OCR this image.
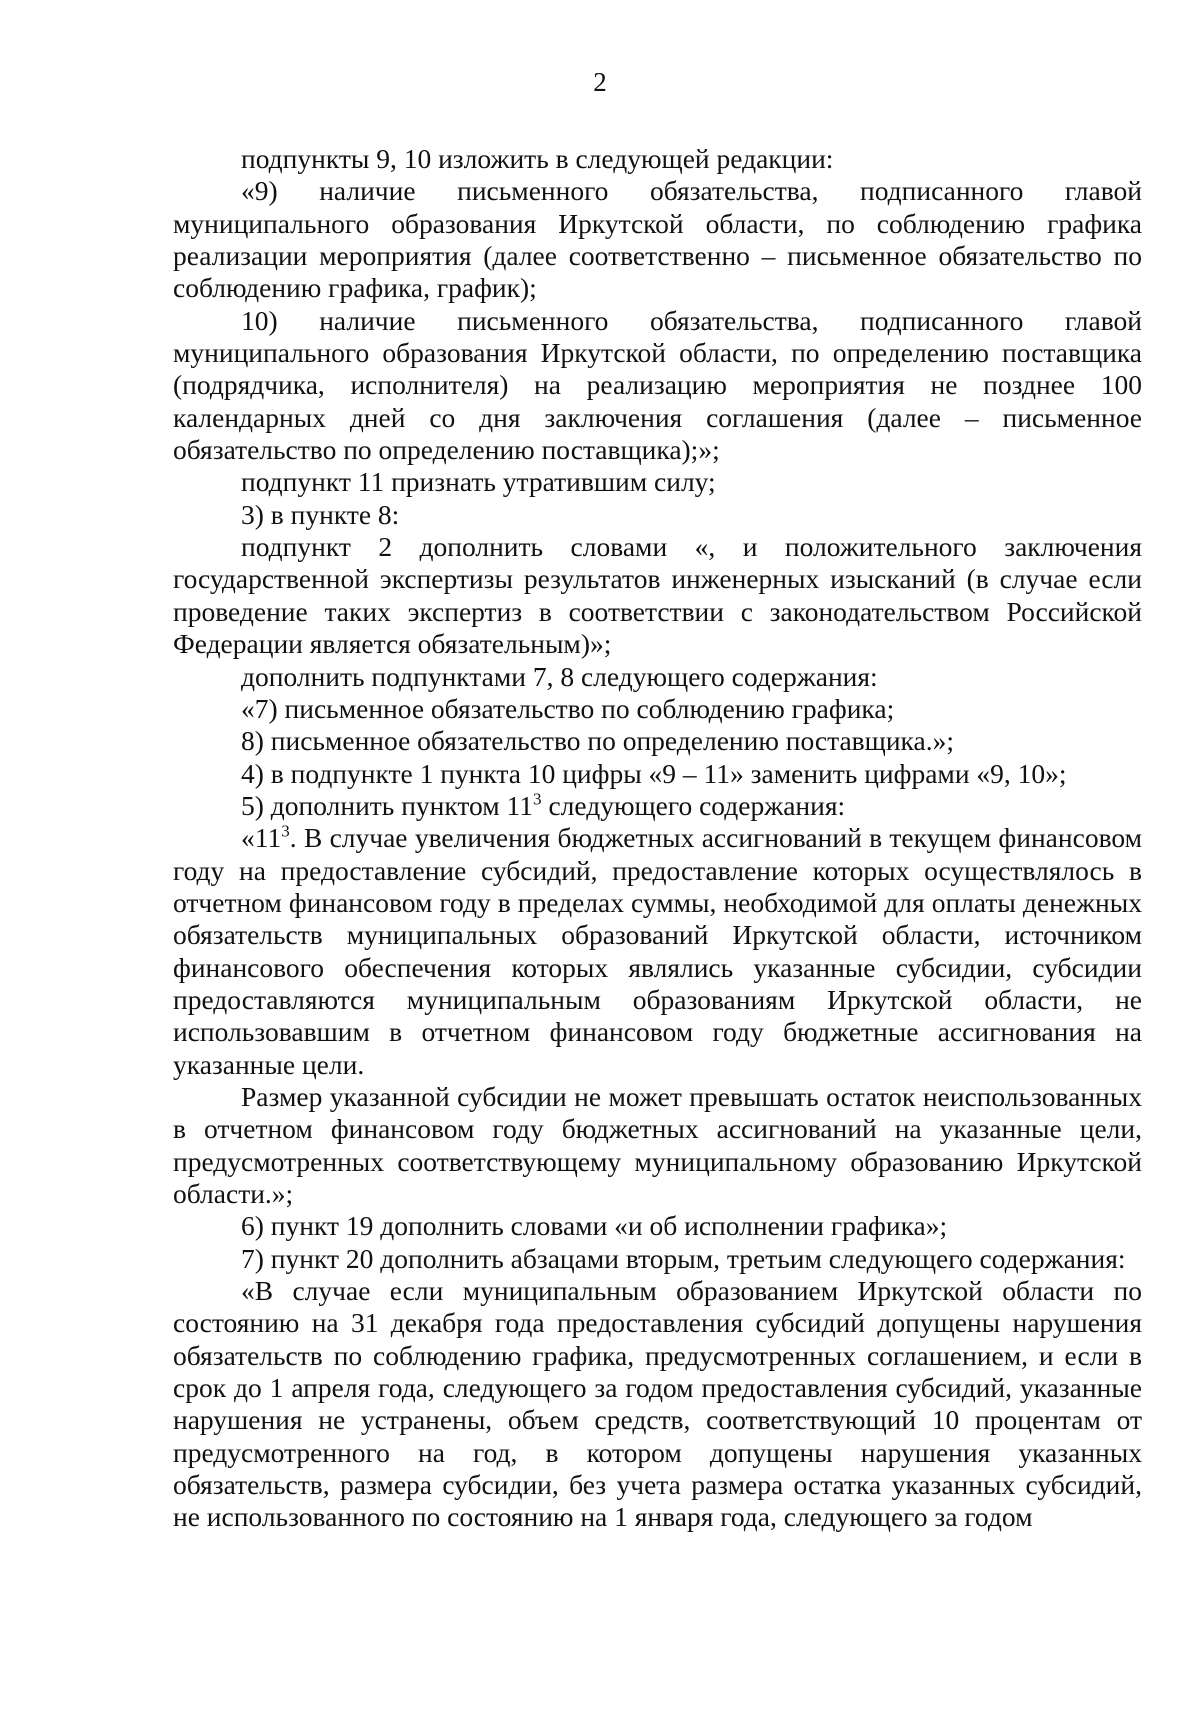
2

подпункты 9, 10 изложить в следующей редакции:

«9) наличие письменного обязательства, подписанного главой муниципального образования Иркутской области, по соблюдению графика реализации мероприятия (далее соответственно – письменное обязательство по соблюдению графика, график);

10) наличие письменного обязательства, подписанного главой муниципального образования Иркутской области, по определению поставщика (подрядчика, исполнителя) на реализацию мероприятия не позднее 100 календарных дней со дня заключения соглашения (далее – письменное обязательство по определению поставщика);»;

подпункт 11 признать утратившим силу;

3) в пункте 8:

подпункт 2 дополнить словами «, и положительного заключения государственной экспертизы результатов инженерных изысканий (в случае если проведение таких экспертиз в соответствии с законодательством Российской Федерации является обязательным)»;

дополнить подпунктами 7, 8 следующего содержания:

«7) письменное обязательство по соблюдению графика;

8) письменное обязательство по определению поставщика.»;

4) в подпункте 1 пункта 10 цифры «9 – 11» заменить цифрами «9, 10»;

5) дополнить пунктом $11^3$ следующего содержания:

«$11^3$. В случае увеличения бюджетных ассигнований в текущем финансовом году на предоставление субсидий, предоставление которых осуществлялось в отчетном финансовом году в пределах суммы, необходимой для оплаты денежных обязательств муниципальных образований Иркутской области, источником финансового обеспечения которых являлись указанные субсидии, субсидии предоставляются муниципальным образованиям Иркутской области, не использовавшим в отчетном финансовом году бюджетные ассигнования на указанные цели.

Размер указанной субсидии не может превышать остаток неиспользованных в отчетном финансовом году бюджетных ассигнований на указанные цели, предусмотренных соответствующему муниципальному образованию Иркутской области.»;

6) пункт 19 дополнить словами «и об исполнении графика»;

7) пункт 20 дополнить абзацами вторым, третьим следующего содержания:

«В случае если муниципальным образованием Иркутской области по состоянию на 31 декабря года предоставления субсидий допущены нарушения обязательств по соблюдению графика, предусмотренных соглашением, и если в срок до 1 апреля года, следующего за годом предоставления субсидий, указанные нарушения не устранены, объем средств, соответствующий 10 процентам от предусмотренного на год, в котором допущены нарушения указанных обязательств, размера субсидии, без учета размера остатка указанных субсидий, не использованного по состоянию на 1 января года, следующего за годом
